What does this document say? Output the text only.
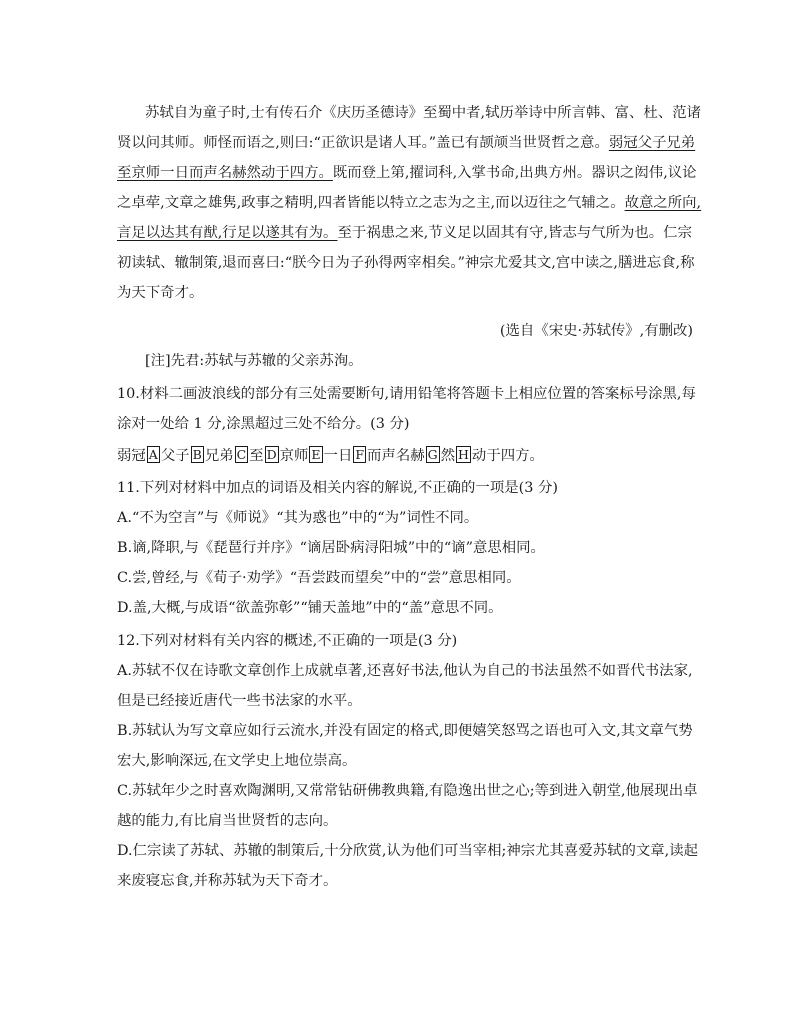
苏轼自为童子时,士有传石介《庆历圣德诗》至蜀中者,轼历举诗中所言韩、富、杜、范诸
贤以问其师。师怪而语之,则曰:“正欲识是诸人耳。”盖已有颉颃当世贤哲之意。弱冠父子兄弟
至京师一日而声名赫然动于四方。既而登上第,擢词科,入掌书命,出典方州。器识之闳伟,议论
之卓荦,文章之雄隽,政事之精明,四者皆能以特立之志为之主,而以迈往之气辅之。故意之所向,
言足以达其有猷,行足以遂其有为。至于祸患之来,节义足以固其有守,皆志与气所为也。仁宗
初读轼、辙制策,退而喜曰:“朕今日为子孙得两宰相矣。”神宗尤爱其文,宫中读之,膳进忘食,称
为天下奇才。
(选自《宋史·苏轼传》,有删改)
[注]先君:苏轼与苏辙的父亲苏洵。
10.材料二画波浪线的部分有三处需要断句,请用铅笔将答题卡上相应位置的答案标号涂黑,每
涂对一处给 1 分,涂黑超过三处不给分。(3 分)
弱冠 A 父子 B 兄弟 C 至 D 京师 E 一日 F 而声名赫 G 然 H 动于四方。
11.下列对材料中加点的词语及相关内容的解说,不正确的一项是(3 分)
A.“不为空言”与《师说》“其为惑也”中的“为”词性不同。
B.谪,降职,与《琵琶行并序》“谪居卧病浔阳城”中的“谪”意思相同。
C.尝,曾经,与《荀子·劝学》“吾尝跂而望矣”中的“尝”意思相同。
D.盖,大概,与成语“欲盖弥彰”“铺天盖地”中的“盖”意思不同。
12.下列对材料有关内容的概述,不正确的一项是(3 分)
A.苏轼不仅在诗歌文章创作上成就卓著,还喜好书法,他认为自己的书法虽然不如晋代书法家,
但是已经接近唐代一些书法家的水平。
B.苏轼认为写文章应如行云流水,并没有固定的格式,即便嬉笑怒骂之语也可入文,其文章气势
宏大,影响深远,在文学史上地位崇高。
C.苏轼年少之时喜欢陶渊明,又常常钻研佛教典籍,有隐逸出世之心;等到进入朝堂,他展现出卓
越的能力,有比肩当世贤哲的志向。
D.仁宗读了苏轼、苏辙的制策后,十分欣赏,认为他们可当宰相;神宗尤其喜爱苏轼的文章,读起
来废寝忘食,并称苏轼为天下奇才。
